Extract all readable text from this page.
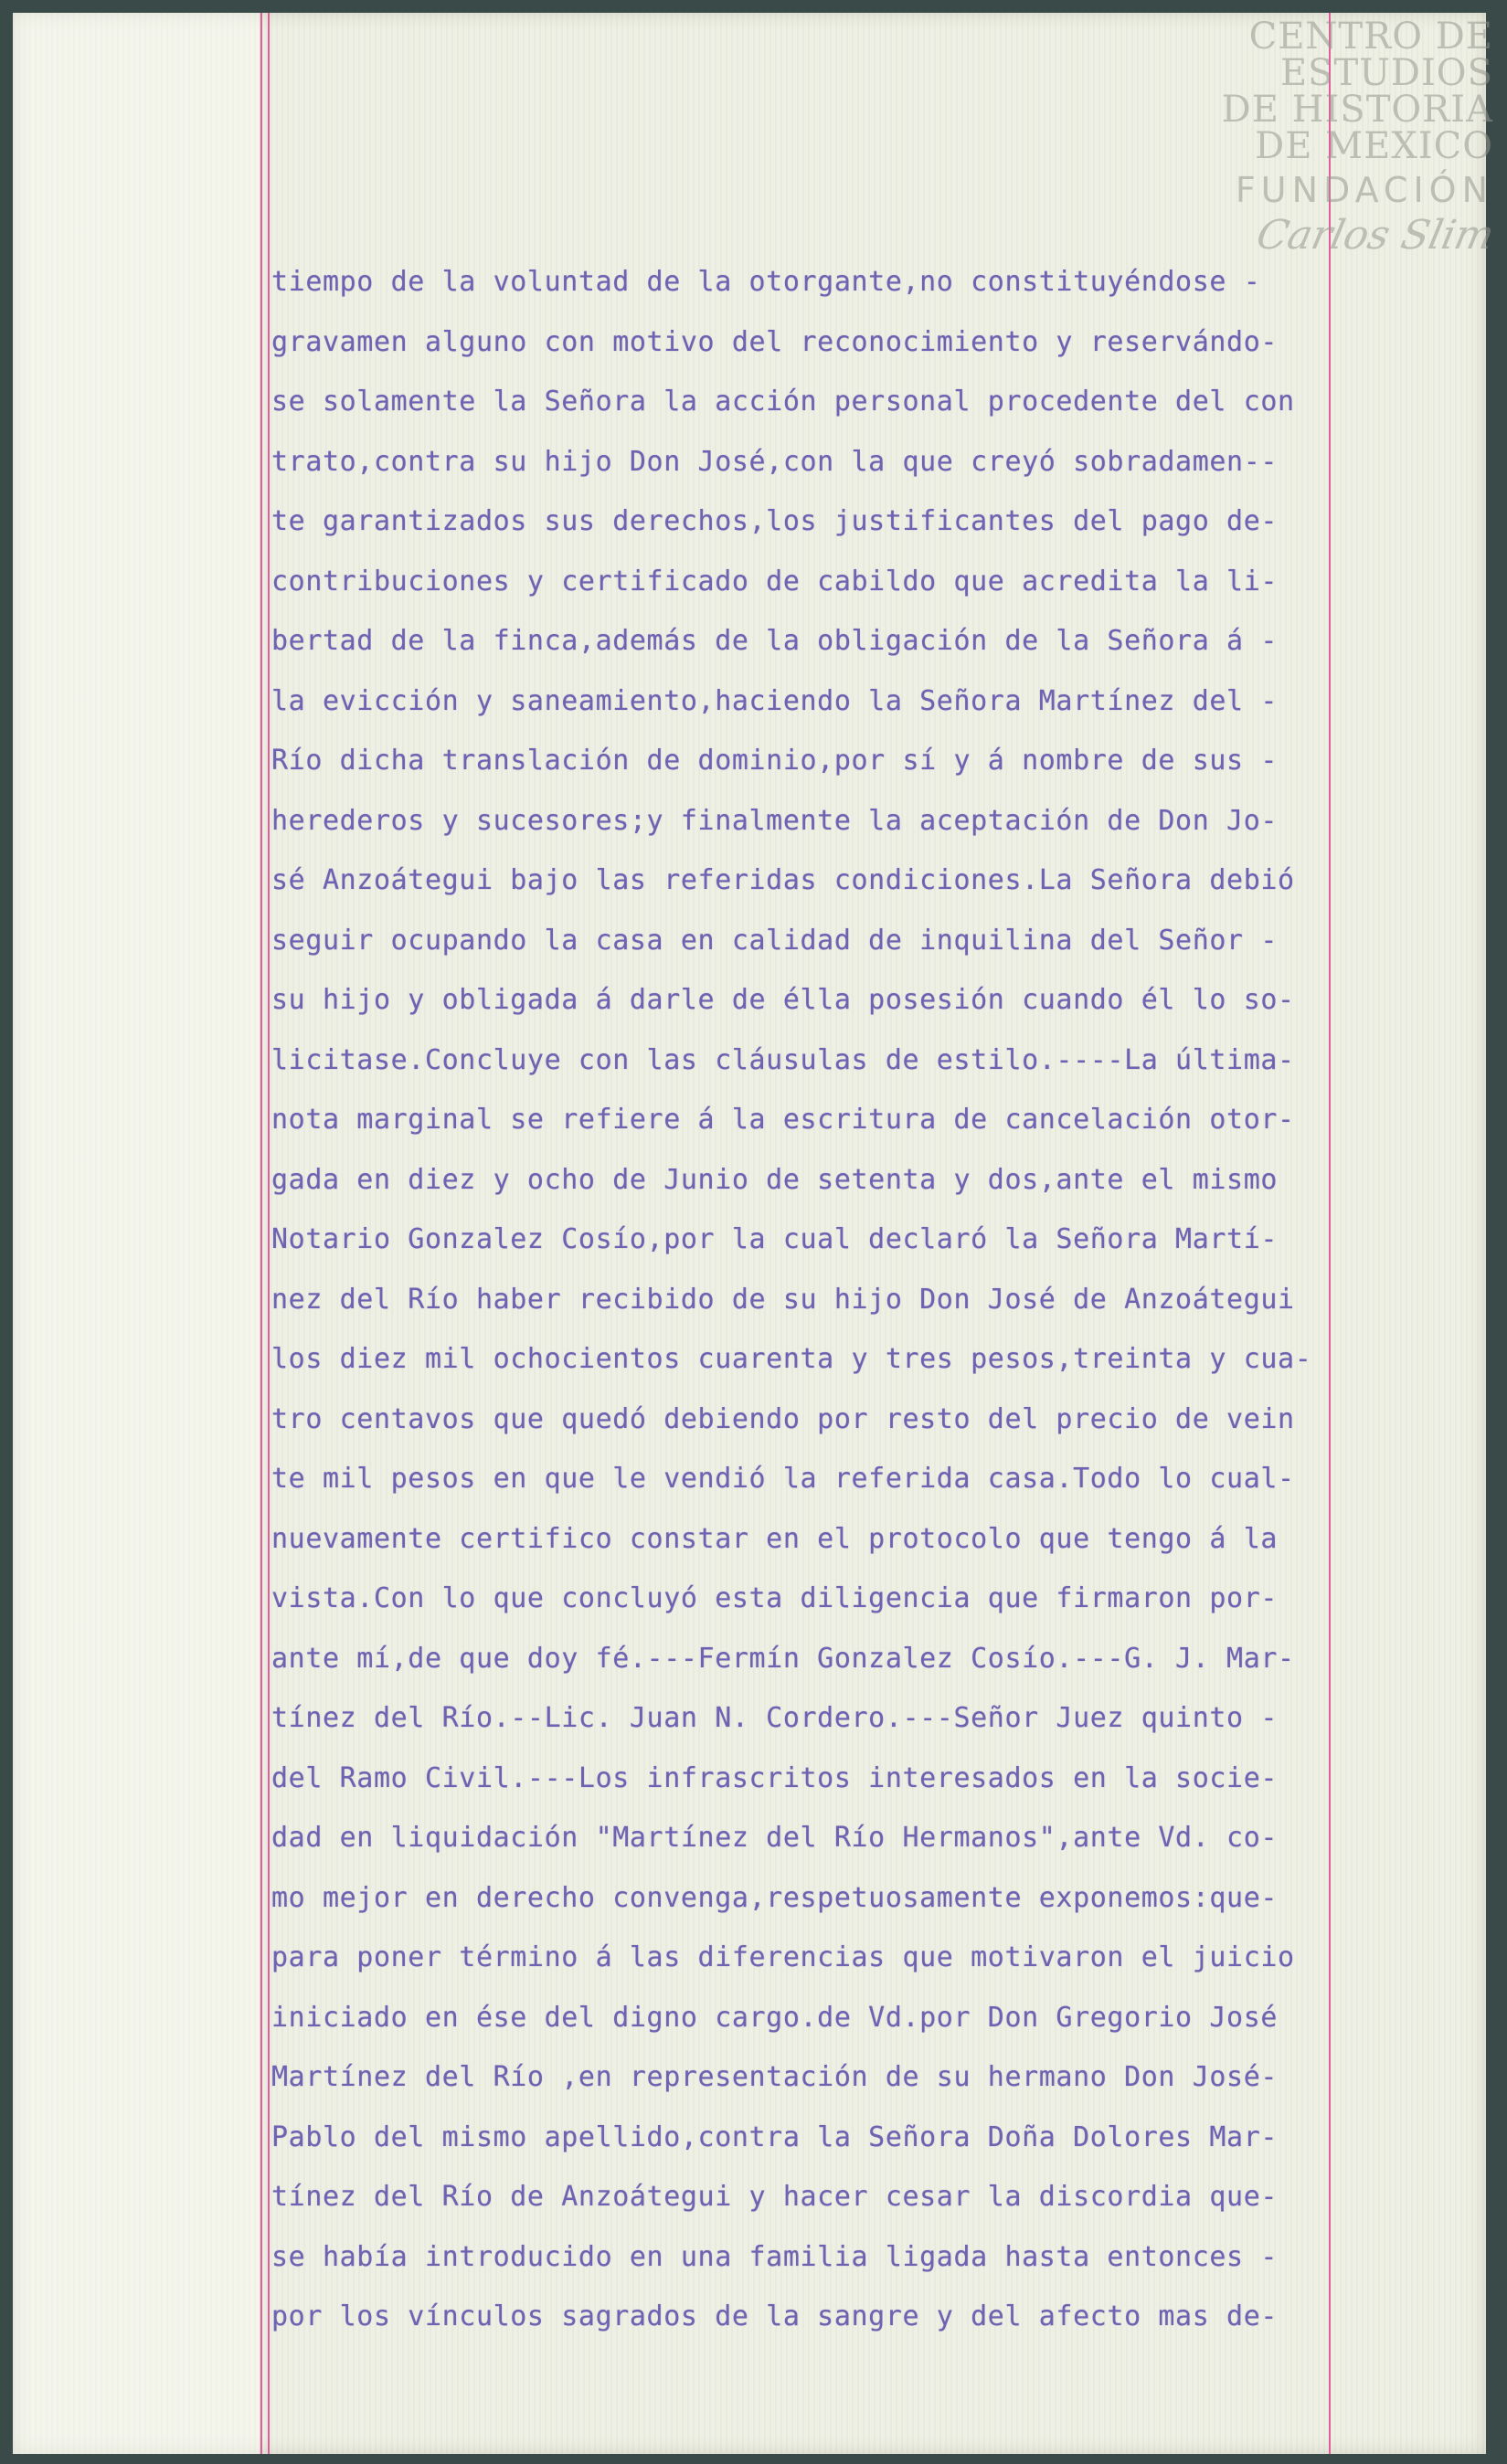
CENTRO DE
ESTUDIOS
DE HISTORIA
DE MEXICO
FUNDACIÓN
Carlos Slim
tiempo de la voluntad de la otorgante,no constituyéndose -
gravamen alguno con motivo del reconocimiento y reservándo-
se solamente la Señora la acción personal procedente del con
trato,contra su hijo Don José,con la que creyó sobradamen--
te garantizados sus derechos,los justificantes del pago de-
contribuciones y certificado de cabildo que acredita la li-
bertad de la finca,además de la obligación de la Señora á -
la evicción y saneamiento,haciendo la Señora Martínez del -
Río dicha translación de dominio,por sí y á nombre de sus -
herederos y sucesores;y finalmente la aceptación de Don Jo-
sé Anzoátegui bajo las referidas condiciones.La Señora debió
seguir ocupando la casa en calidad de inquilina del Señor -
su hijo y obligada á darle de élla posesión cuando él lo so-
licitase.Concluye con las cláusulas de estilo.----La última-
nota marginal se refiere á la escritura de cancelación otor-
gada en diez y ocho de Junio de setenta y dos,ante el mismo
Notario Gonzalez Cosío,por la cual declaró la Señora Martí-
nez del Río haber recibido de su hijo Don José de Anzoátegui
los diez mil ochocientos cuarenta y tres pesos,treinta y cua-
tro centavos que quedó debiendo por resto del precio de vein
te mil pesos en que le vendió la referida casa.Todo lo cual-
nuevamente certifico constar en el protocolo que tengo á la
vista.Con lo que concluyó esta diligencia que firmaron por-
ante mí,de que doy fé.---Fermín Gonzalez Cosío.---G. J. Mar-
tínez del Río.--Lic. Juan N. Cordero.---Señor Juez quinto -
del Ramo Civil.---Los infrascritos interesados en la socie-
dad en liquidación "Martínez del Río Hermanos",ante Vd. co-
mo mejor en derecho convenga,respetuosamente exponemos:que-
para poner término á las diferencias que motivaron el juicio
iniciado en ése del digno cargo.de Vd.por Don Gregorio José
Martínez del Río ,en representación de su hermano Don José-
Pablo del mismo apellido,contra la Señora Doña Dolores Mar-
tínez del Río de Anzoátegui y hacer cesar la discordia que-
se había introducido en una familia ligada hasta entonces -
por los vínculos sagrados de la sangre y del afecto mas de-
